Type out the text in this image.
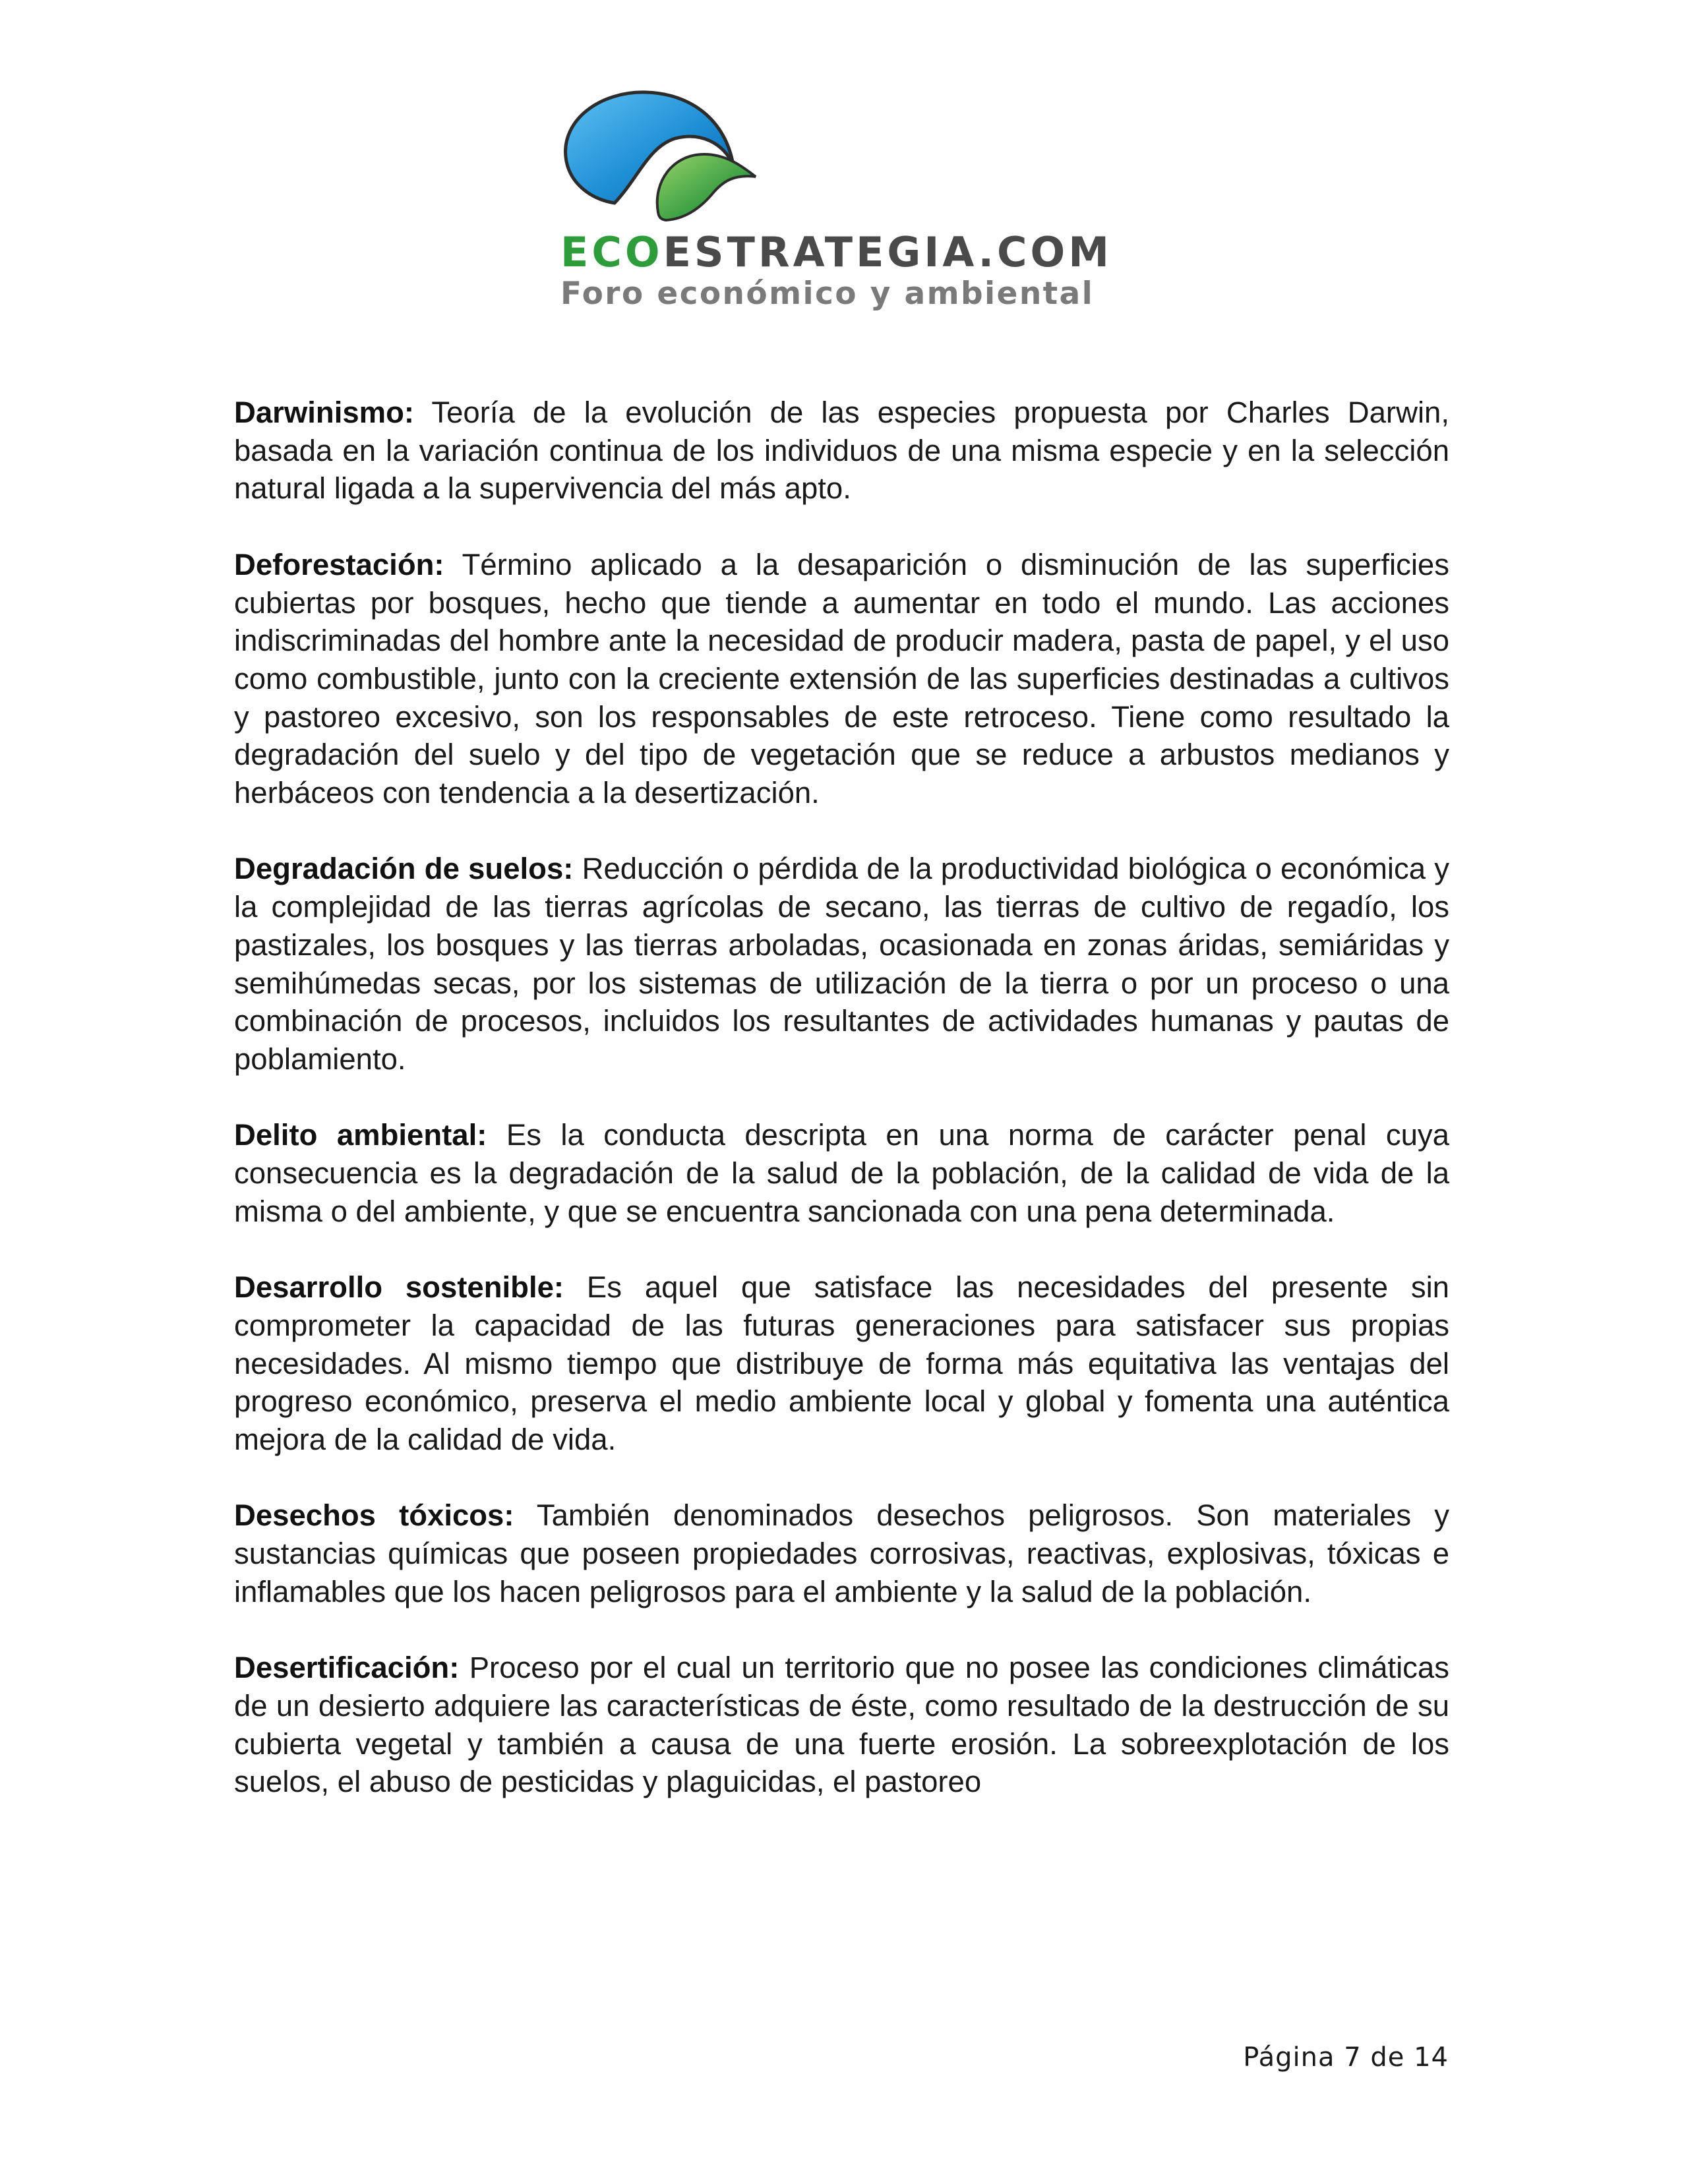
ECOESTRATEGIA.COM
Foro económico y ambiental

Darwinismo: Teoría de la evolución de las especies propuesta por Charles Darwin, basada en la variación continua de los individuos de una misma especie y en la selección natural ligada a la supervivencia del más apto.

Deforestación: Término aplicado a la desaparición o disminución de las superficies cubiertas por bosques, hecho que tiende a aumentar en todo el mundo. Las acciones indiscriminadas del hombre ante la necesidad de producir madera, pasta de papel, y el uso como combustible, junto con la creciente extensión de las superficies destinadas a cultivos y pastoreo excesivo, son los responsables de este retroceso. Tiene como resultado la degradación del suelo y del tipo de vegetación que se reduce a arbustos medianos y herbáceos con tendencia a la desertización.

Degradación de suelos: Reducción o pérdida de la productividad biológica o económica y la complejidad de las tierras agrícolas de secano, las tierras de cultivo de regadío, los pastizales, los bosques y las tierras arboladas, ocasionada en zonas áridas, semiáridas y semihúmedas secas, por los sistemas de utilización de la tierra o por un proceso o una combinación de procesos, incluidos los resultantes de actividades humanas y pautas de poblamiento.

Delito ambiental: Es la conducta descripta en una norma de carácter penal cuya consecuencia es la degradación de la salud de la población, de la calidad de vida de la misma o del ambiente, y que se encuentra sancionada con una pena determinada.

Desarrollo sostenible: Es aquel que satisface las necesidades del presente sin comprometer la capacidad de las futuras generaciones para satisfacer sus propias necesidades. Al mismo tiempo que distribuye de forma más equitativa las ventajas del progreso económico, preserva el medio ambiente local y global y fomenta una auténtica mejora de la calidad de vida.

Desechos tóxicos: También denominados desechos peligrosos. Son materiales y sustancias químicas que poseen propiedades corrosivas, reactivas, explosivas, tóxicas e inflamables que los hacen peligrosos para el ambiente y la salud de la población.

Desertificación: Proceso por el cual un territorio que no posee las condiciones climáticas de un desierto adquiere las características de éste, como resultado de la destrucción de su cubierta vegetal y también a causa de una fuerte erosión. La sobreexplotación de los suelos, el abuso de pesticidas y plaguicidas, el pastoreo

Página 7 de 14
